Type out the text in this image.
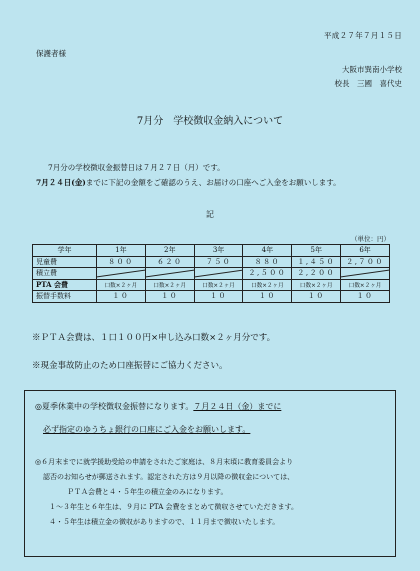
平成２７年７月１５日
保護者様
大阪市巽南小学校
校長　三國　喜代史
7月分　学校徴収金納入について
7月分の学校徴収金振替日は７月２７日（月）です。
7月２４日(金)までに下記の金額をご確認のうえ、お届けの口座へご入金をお願いします。
記
（単位：円）
学年	1年	2年	3年	4年	5年	6年
児童費	８００	６２０	７５０	８８０	１,４５０	２,７００
積立費				２,５００	２,２００	
PTA 会費	口数×２ヶ月	口数×２ヶ月	口数×２ヶ月	口数×２ヶ月	口数×２ヶ月	口数×２ヶ月
振替手数料	１０	１０	１０	１０	１０	１０
※ＰＴＡ会費は、１口１００円×申し込み口数×２ヶ月分です。
※現金事故防止のため口座振替にご協力ください。
◎夏季休業中の学校徴収金振替になります。７月２４日（金）までに
必ず指定のゆうちょ銀行の口座にご入金をお願いします。
◎６月末までに就学援助受給の申請をされたご家庭は、８月末頃に教育委員会より
認否のお知らせが郵送されます。認定された方は９月以降の徴収金については、
ＰＴＡ会費と４・５年生の積立金のみになります。
１～３年生と６年生は、９月に PTA 会費をまとめて徴収させていただきます。
４・５年生は積立金の徴収がありますので、１１月まで徴収いたします。
